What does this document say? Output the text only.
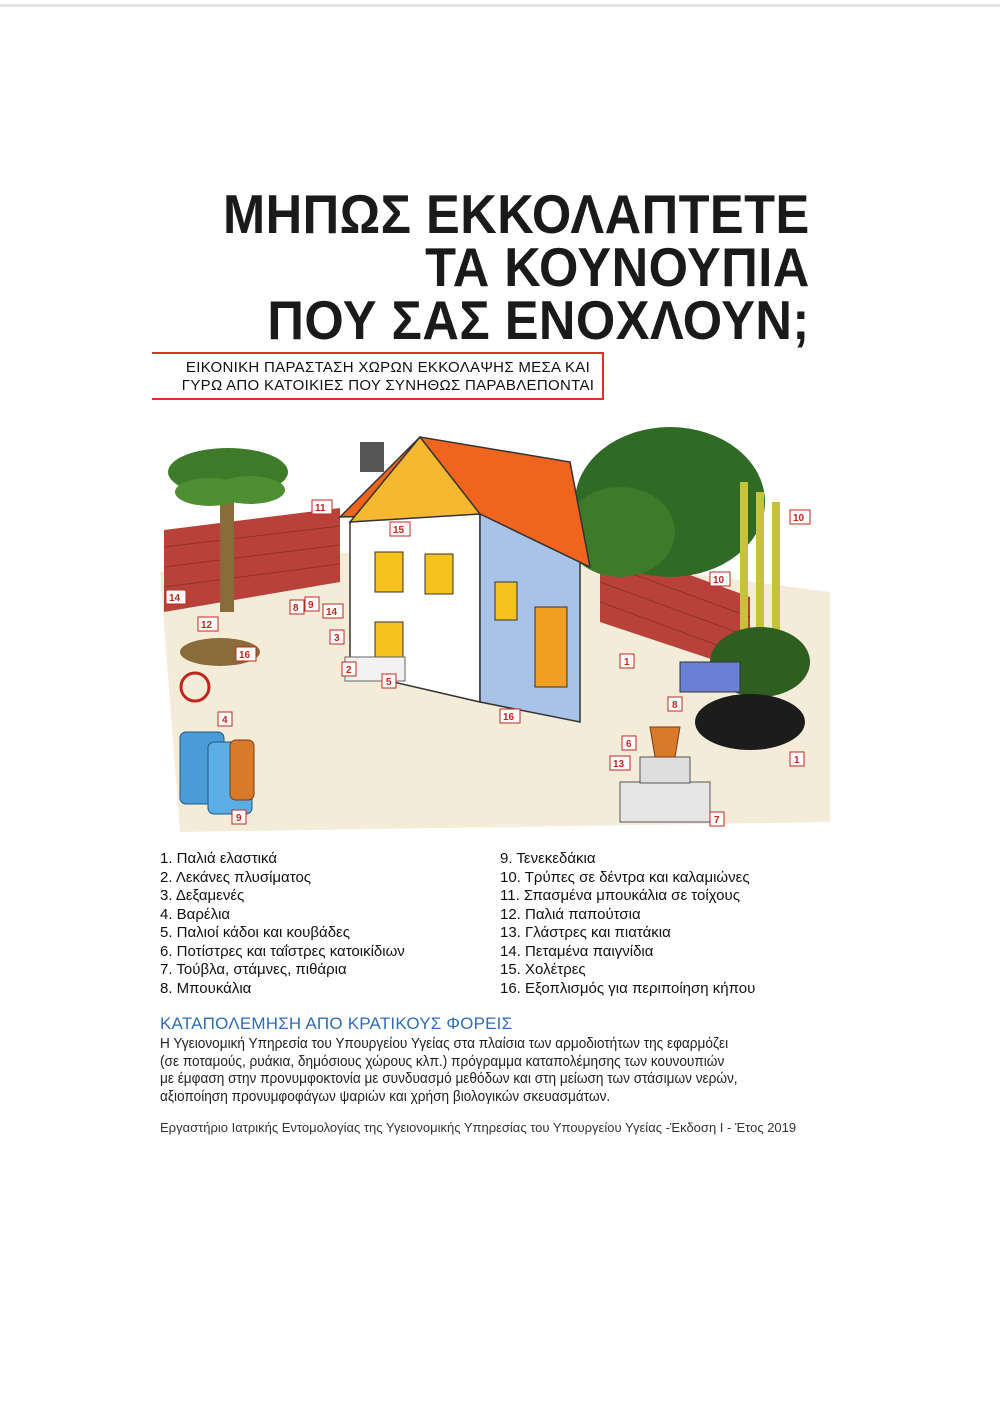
ΜΗΠΩΣ ΕΚΚΟΛΑΠΤΕΤΕ
ΤΑ ΚΟΥΝΟΥΠΙΑ
ΠΟΥ ΣΑΣ ΕΝΟΧΛΟΥΝ;
ΕΙΚΟΝΙΚΗ ΠΑΡΑΣΤΑΣΗ ΧΩΡΩΝ ΕΚΚΟΛΑΨΗΣ ΜΕΣΑ ΚΑΙ
ΓΥΡΩ ΑΠΟ ΚΑΤΟΙΚΙΕΣ ΠΟΥ ΣΥΝΗΘΩΣ ΠΑΡΑΒΛΕΠΟΝΤΑΙ
11
15
10
10
14
8 9
14
12
3
16
2
5
1
8
16
4
6
13	1
9	7
1. Παλιά ελαστικά
2. Λεκάνες πλυσίματος
3. Δεξαμενές
4. Βαρέλια
5. Παλιοί κάδοι και κουβάδες
6. Ποτίστρες και ταΐστρες κατοικίδιων
7. Τούβλα, στάμνες, πιθάρια
8. Μπουκάλια
9. Τενεκεδάκια
10. Τρύπες σε δέντρα και καλαμιώνες
11. Σπασμένα μπουκάλια σε τοίχους
12. Παλιά παπούτσια
13. Γλάστρες και πιατάκια
14. Πεταμένα παιγνίδια
15. Χολέτρες
16. Εξοπλισμός για περιποίηση κήπου
ΚΑΤΑΠΟΛΕΜΗΣΗ ΑΠΟ ΚΡΑΤΙΚΟΥΣ ΦΟΡΕΙΣ
Η Υγειονομική Υπηρεσία του Υπουργείου Υγείας στα πλαίσια των αρμοδιοτήτων της εφαρμόζει
(σε ποταμούς, ρυάκια, δημόσιους χώρους κλπ.) πρόγραμμα καταπολέμησης των κουνουπιών
με έμφαση στην προνυμφοκτονία με συνδυασμό μεθόδων και στη μείωση των στάσιμων νερών,
αξιοποίηση προνυμφοφάγων ψαριών και χρήση βιολογικών σκευασμάτων.
Εργαστήριο Ιατρικής Εντομολογίας της Υγειονομικής Υπηρεσίας του Υπουργείου Υγείας -Έκδοση Ι - Έτος 2019
